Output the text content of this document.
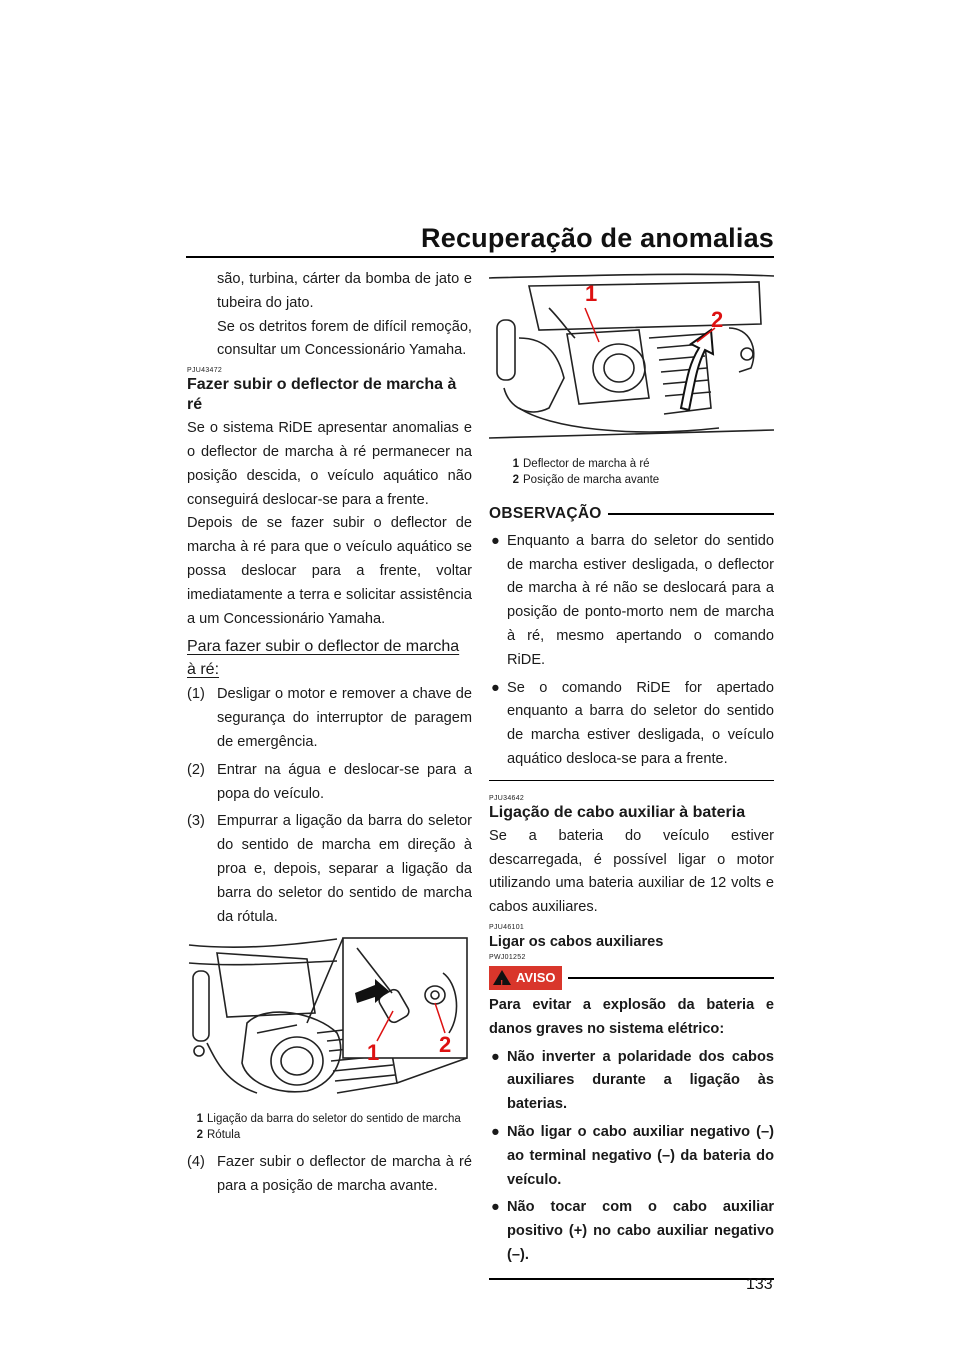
Recuperação de anomalias

são, turbina, cárter da bomba de jato e tubeira do jato.

Se os detritos forem de difícil remoção, consultar um Concessionário Yamaha.

PJU43472
Fazer subir o deflector de marcha à ré

Se o sistema RiDE apresentar anomalias e o deflector de marcha à ré permanecer na posição descida, o veículo aquático não conseguirá deslocar-se para a frente.

Depois de se fazer subir o deflector de marcha à ré para que o veículo aquático se possa deslocar para a frente, voltar imediatamente a terra e solicitar assistência a um Concessionário Yamaha.

Para fazer subir o deflector de marcha à ré:
(1) Desligar o motor e remover a chave de segurança do interruptor de paragem de emergência.
(2) Entrar na água e deslocar-se para a popa do veículo.
(3) Empurrar a ligação da barra do seletor do sentido de marcha em direção à proa e, depois, separar a ligação da barra do seletor do sentido de marcha da rótula.
1	2
1 Ligação da barra do seletor do sentido de marcha
2 Rótula
(4) Fazer subir o deflector de marcha à ré para a posição de marcha avante.
1
2
1 Deflector de marcha à ré
2 Posição de marcha avante
OBSERVAÇÃO
● Enquanto a barra do seletor do sentido de marcha estiver desligada, o deflector de marcha à ré não se deslocará para a posição de ponto-morto nem de marcha à ré, mesmo apertando o comando RiDE.
● Se o comando RiDE for apertado enquanto a barra do seletor do sentido de marcha estiver desligada, o veículo aquático desloca-se para a frente.
PJU34642
Ligação de cabo auxiliar à bateria

Se a bateria do veículo estiver descarregada, é possível ligar o motor utilizando uma bateria auxiliar de 12 volts e cabos auxiliares.

PJU46101
Ligar os cabos auxiliares
PWJ01252
! AVISO

Para evitar a explosão da bateria e danos graves no sistema elétrico:

● Não inverter a polaridade dos cabos auxiliares durante a ligação às baterias.
● Não ligar o cabo auxiliar negativo (–) ao terminal negativo (–) da bateria do veículo.
● Não tocar com o cabo auxiliar positivo (+) no cabo auxiliar negativo (–).
133
